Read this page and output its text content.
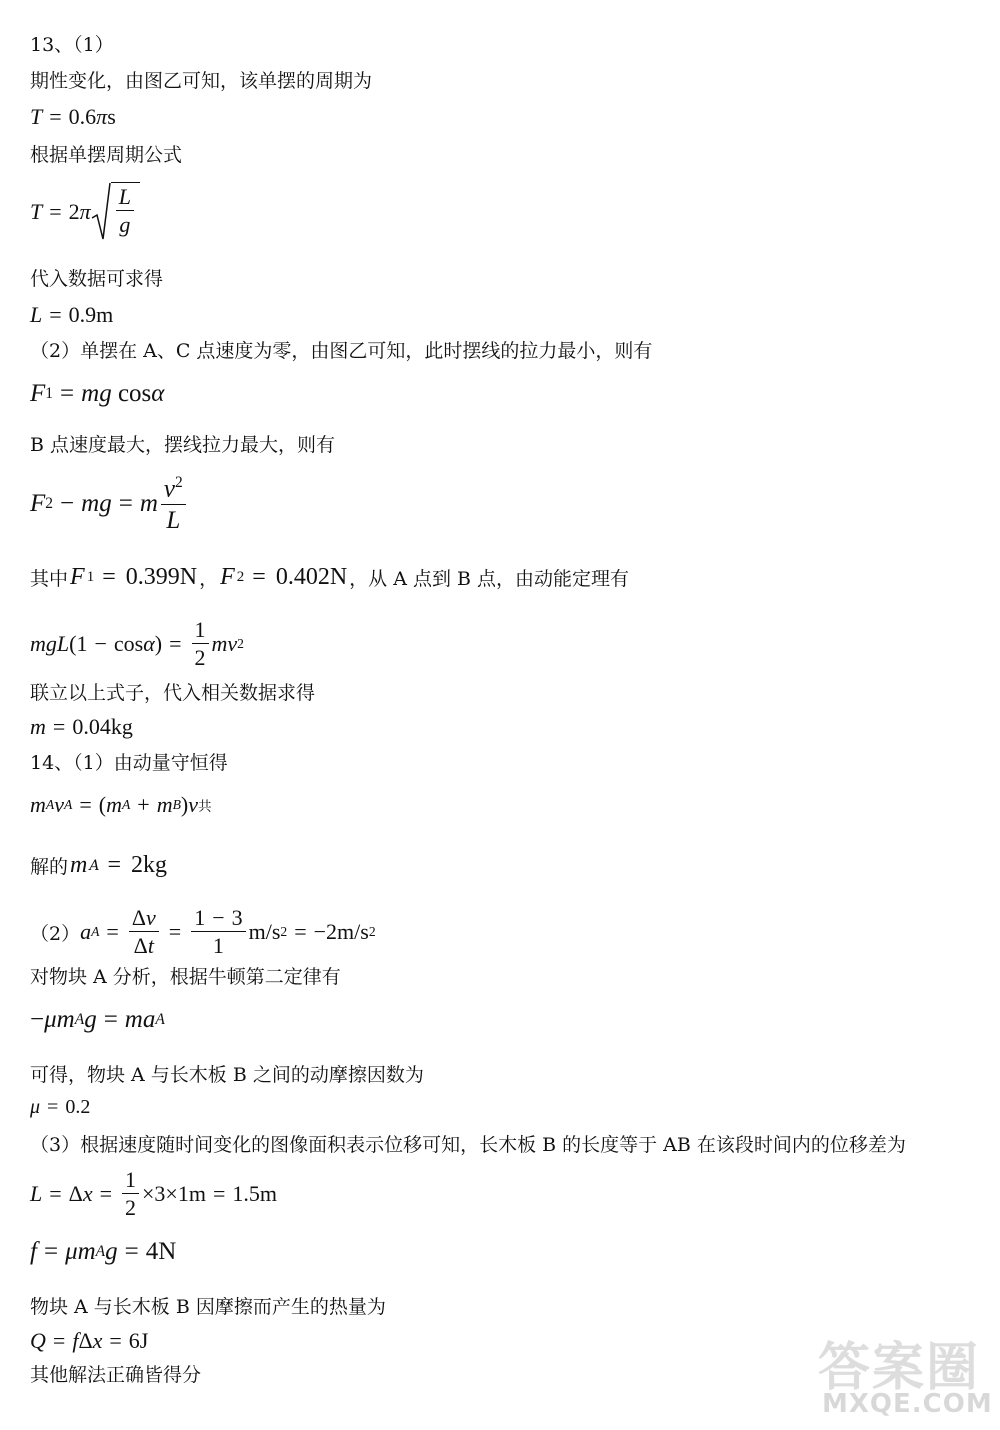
13、（1）
期性变化，由图乙可知，该单摆的周期为
T = 0.6 π s
根据单摆周期公式
T = 2 π $\frac{L}{g}$
代入数据可求得
L = 0.9m
（2）单摆在 A、C 点速度为零，由图乙可知，此时摆线的拉力最小，则有
F 1 = mg cos α
B 点速度最大，摆线拉力最大，则有
F 2 − mg = m $\frac{v^2}{L}$
其中 F 1 = 0.399N ， F 2 = 0.402N ，从 A 点到 B 点，由动能定理有
mgL (1 − cos α ) = $\frac{1}{2}$ mv 2
联立以上式子，代入相关数据求得
m = 0.04kg
14、（1）由动量守恒得
m A v A = ( m A + m B ) v 共
解的 m A = 2kg
（2） a $A = \frac{\Delta v}{\Delta t} = \frac{1 - 3}{1} m/s$ 2 = −2m/s 2
对物块 A 分析，根据牛顿第二定律有
− μm A g = ma A
可得，物块 A 与长木板 B 之间的动摩擦因数为
μ = 0.2
（3）根据速度随时间变化的图像面积表示位移可知，长木板 B 的长度等于 AB 在该段时间内的位移差为
L = Δ $x = \frac{1}{2} \times 3\times 1m = 1.5m$
f = μm A g = 4N
物块 A 与长木板 B 因摩擦而产生的热量为
Q = f Δ x = 6J
其他解法正确皆得分	答案圈
MXQE.COM
